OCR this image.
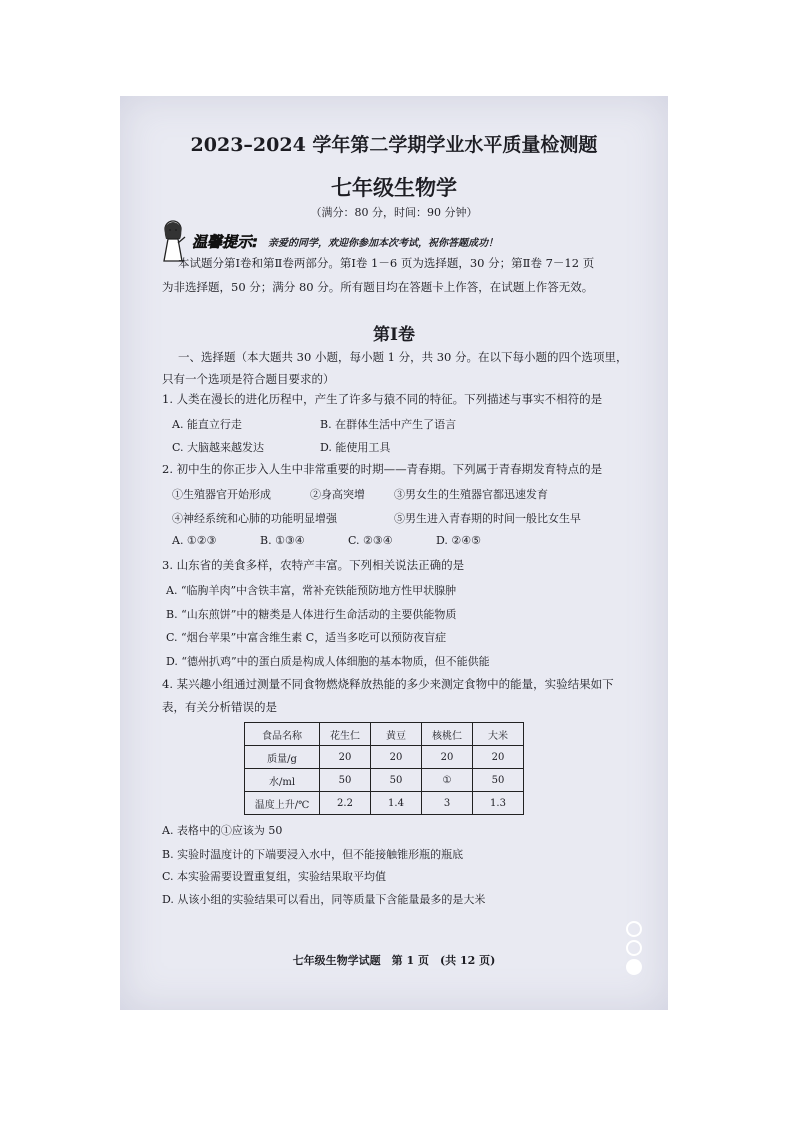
2023–2024 学年第二学期学业水平质量检测题
七年级生物学
（满分：80 分，时间：90 分钟）
温馨提示: 亲爱的同学，欢迎你参加本次考试，祝你答题成功！
本试题分第Ⅰ卷和第Ⅱ卷两部分。第Ⅰ卷 1－6 页为选择题，30 分；第Ⅱ卷 7－12 页
为非选择题，50 分；满分 80 分。所有题目均在答题卡上作答，在试题上作答无效。
第Ⅰ卷
一、选择题（本大题共 30 小题，每小题 1 分，共 30 分。在以下每小题的四个选项里，
只有一个选项是符合题目要求的）
1. 人类在漫长的进化历程中，产生了许多与猿不同的特征。下列描述与事实不相符的是
A. 能直立行走	B. 在群体生活中产生了语言
C. 大脑越来越发达	D. 能使用工具
2. 初中生的你正步入人生中非常重要的时期——青春期。下列属于青春期发育特点的是
①生殖器官开始形成	②身高突增	③男女生的生殖器官都迅速发育
④神经系统和心肺的功能明显增强	⑤男生进入青春期的时间一般比女生早
A. ①②③	B. ①③④	C. ②③④	D. ②④⑤
3. 山东省的美食多样，农特产丰富。下列相关说法正确的是
A. “临朐羊肉”中含铁丰富，常补充铁能预防地方性甲状腺肿
B. “山东煎饼”中的糖类是人体进行生命活动的主要供能物质
C. “烟台苹果”中富含维生素 C，适当多吃可以预防夜盲症
D. “德州扒鸡”中的蛋白质是构成人体细胞的基本物质，但不能供能
4. 某兴趣小组通过测量不同食物燃烧释放热能的多少来测定食物中的能量，实验结果如下
表，有关分析错误的是
食品名称	花生仁	黄豆	核桃仁	大米
质量/g	20	20	20	20
水/ml	50	50	①	50
温度上升/℃	2.2	1.4	3	1.3
A. 表格中的①应该为 50
B. 实验时温度计的下端要浸入水中，但不能接触锥形瓶的瓶底
C. 本实验需要设置重复组，实验结果取平均值
D. 从该小组的实验结果可以看出，同等质量下含能量最多的是大米
七年级生物学试题　第 1 页　(共 12 页)	SHOT ON REDMI 10X AI TRIPLE CAMERA
